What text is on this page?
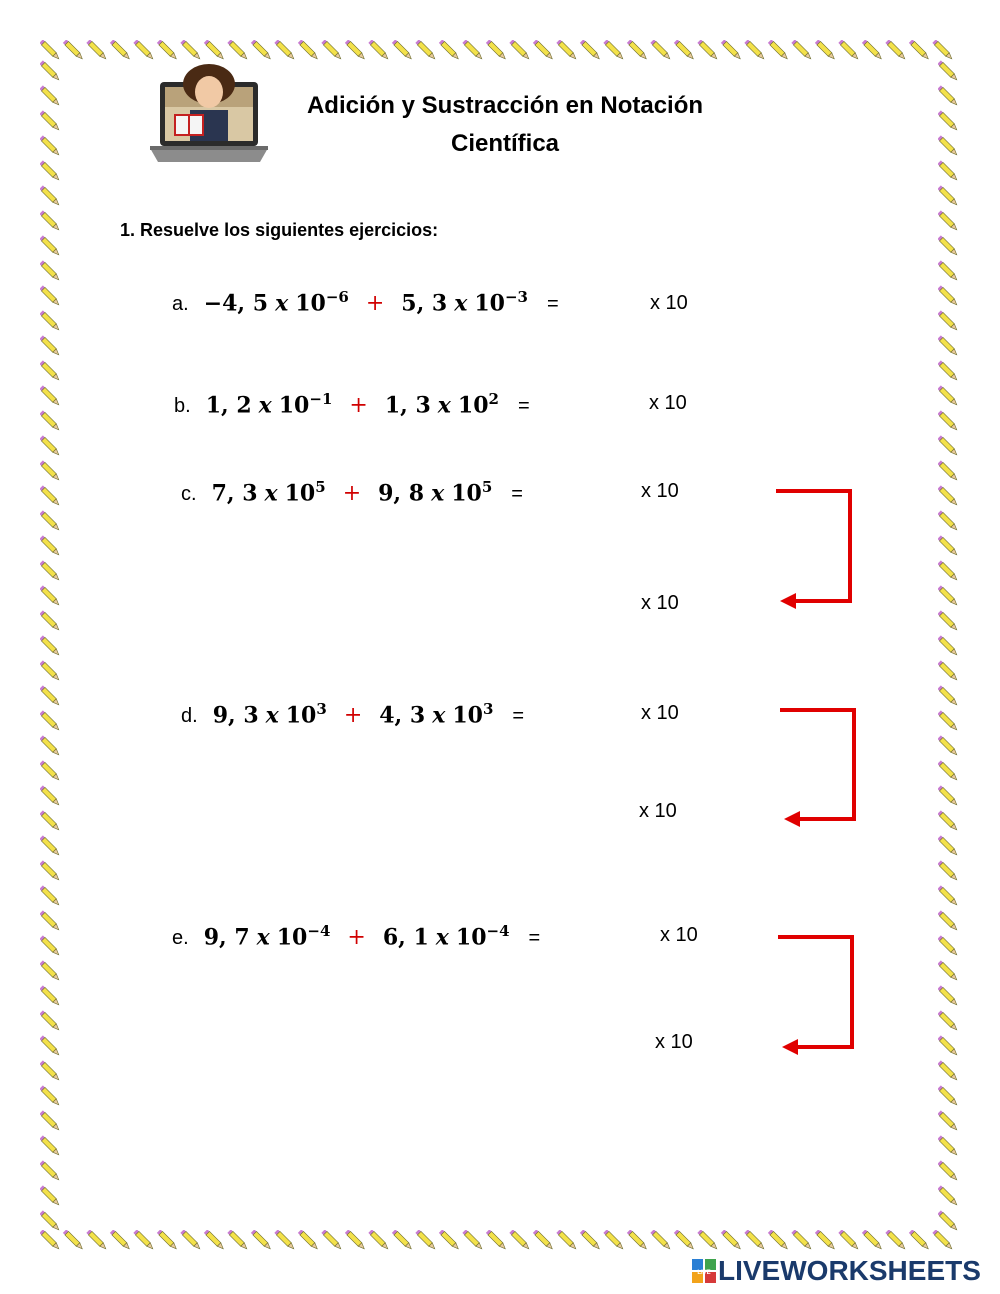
Adición y Sustracción en Notación
Científica
1. Resuelve los siguientes ejercicios:
a. −4, 5 x $10^{-6} + 5$, 3 x $10^{-3}$ =	x 10
b. 1, 2 x $10^{-1} + 1$, 3 x $10^2$ =	x 10
c. 7, 3 x $10^5 + 9$, 8 x $10^5$ =	x 10
x 10
d. 9, 3 x $10^3 + 4$, 3 x $10^3$ =	x 10
x 10
e. 9, 7 x $10^{-4} + 6$, 1 x $10^{-4}$ =	x 10
x 10
LIVE LIVEWORKSHEETS
